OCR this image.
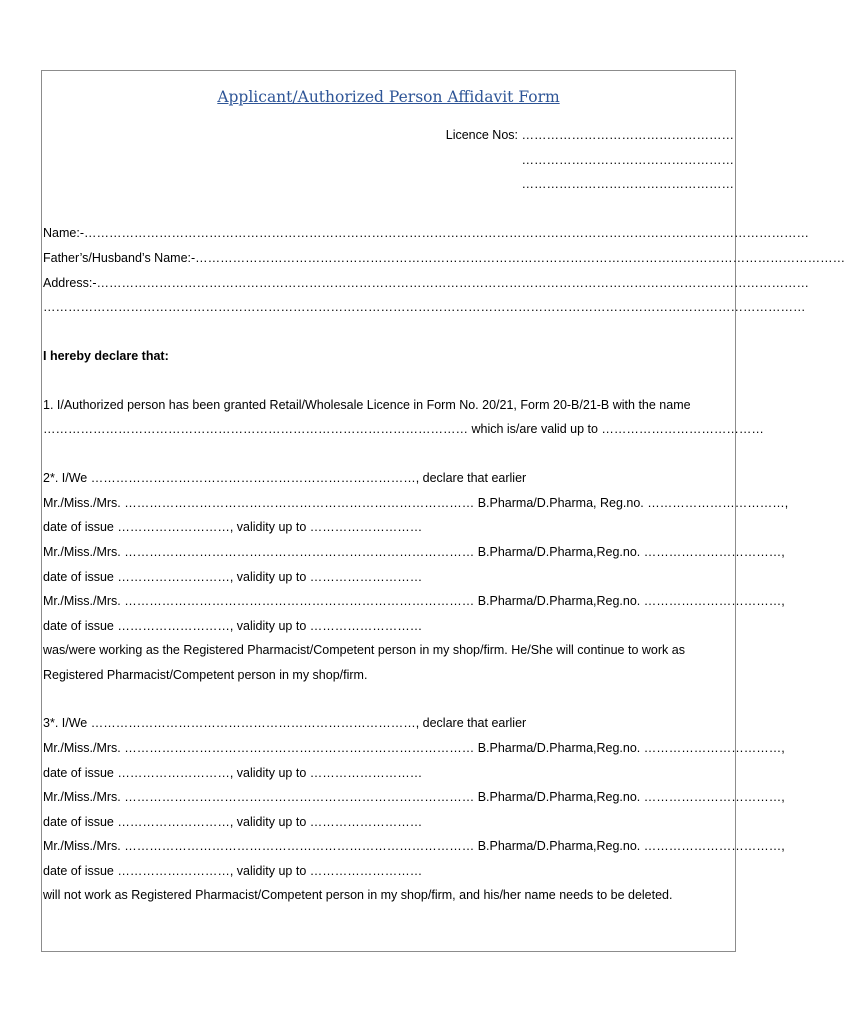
Applicant/Authorized Person Affidavit Form
Licence Nos: ……………………………………………
……………………………………………
……………………………………………
Name:-…………………………………………………………………………………………………………………………………………………………
Father’s/Husband’s Name:-…………………………………………………………………………………………………………………………………………
Address:-………………………………………………………………………………………………………………………………………………………
…………………………………………………………………………………………………………………………………………………………………
I hereby declare that:
1. I/Authorized person has been granted Retail/Wholesale Licence in Form No. 20/21, Form 20-B/21-B with the name
………………………………………………………………………………………… which is/are valid up to …………………………………
2*. I/We ……………………………………………………………………, declare that earlier
Mr./Miss./Mrs. ………………………………………………………………………… B.Pharma/D.Pharma, Reg.no. ……………………………,
date of issue ………………………, validity up to ………………………
Mr./Miss./Mrs. ………………………………………………………………………… B.Pharma/D.Pharma,Reg.no. ……………………………,
date of issue ………………………, validity up to ………………………
Mr./Miss./Mrs. ………………………………………………………………………… B.Pharma/D.Pharma,Reg.no. ……………………………,
date of issue ………………………, validity up to ………………………
was/were working as the Registered Pharmacist/Competent person in my shop/firm. He/She will continue to work as
Registered Pharmacist/Competent person in my shop/firm.
3*. I/We ……………………………………………………………………, declare that earlier
Mr./Miss./Mrs. ………………………………………………………………………… B.Pharma/D.Pharma,Reg.no. ……………………………,
date of issue ………………………, validity up to ………………………
Mr./Miss./Mrs. ………………………………………………………………………… B.Pharma/D.Pharma,Reg.no. ……………………………,
date of issue ………………………, validity up to ………………………
Mr./Miss./Mrs. ………………………………………………………………………… B.Pharma/D.Pharma,Reg.no. ……………………………,
date of issue ………………………, validity up to ………………………
will not work as Registered Pharmacist/Competent person in my shop/firm, and his/her name needs to be deleted.
